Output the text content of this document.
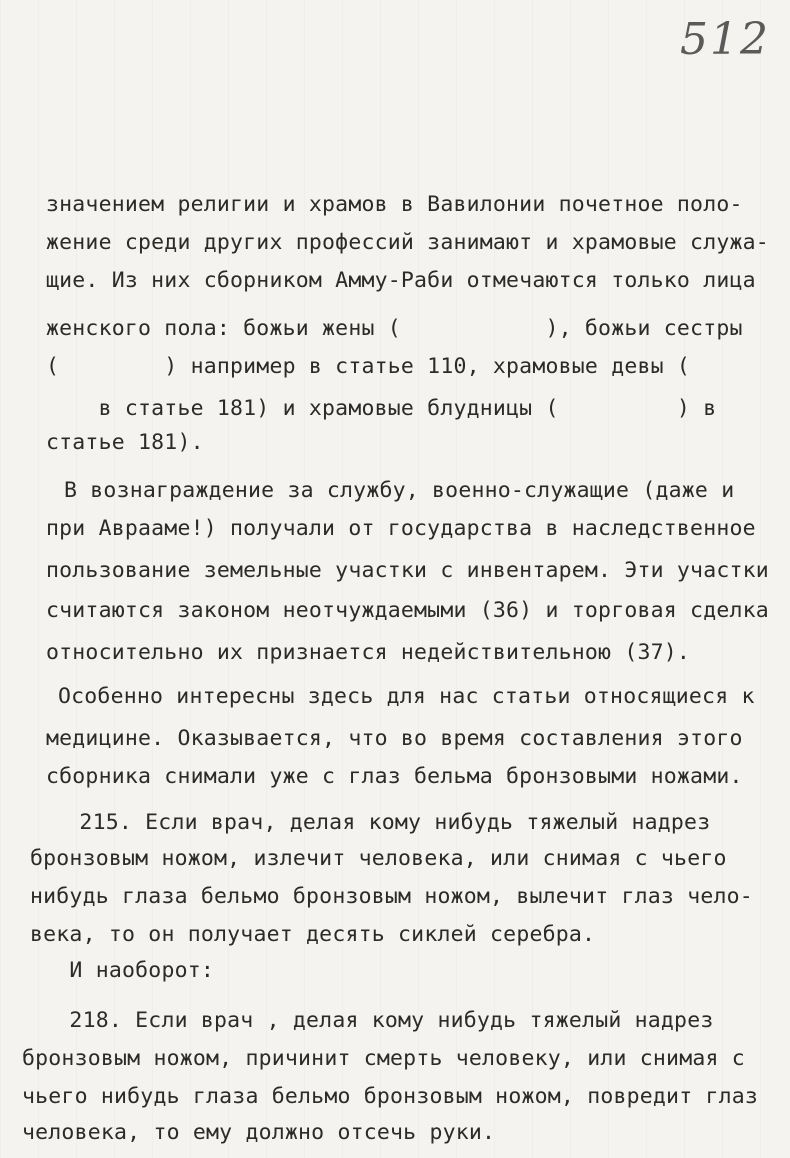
512
значением религии и храмов в Вавилонии почетное поло-
жение среди других профессий занимают и храмовые служа-
щие. Из них сборником Амму-Раби отмечаются только лица
женского пола: божьи жены (           ), божьи сестры
(        ) например в статье 110, храмовые девы (
в статье 181) и храмовые блудницы (         ) в
статье 181).
В вознаграждение за службу, военно-служащие (даже и
при Аврааме!) получали от государства в наследственное
пользование земельные участки с инвентарем. Эти участки
считаются законом неотчуждаемыми (36) и торговая сделка
относительно их признается недействительною (37).
Особенно интересны здесь для нас статьи относящиеся к
медицине. Оказывается, что во время составления этого
сборника снимали уже с глаз бельма бронзовыми ножами.
215. Если врач, делая кому нибудь тяжелый надрез
бронзовым ножом, излечит человека, или снимая с чьего
нибудь глаза бельмо бронзовым ножом, вылечит глаз чело-
века, то он получает десять сиклей серебра.
И наоборот:
218. Если врач , делая кому нибудь тяжелый надрез
бронзовым ножом, причинит смерть человеку, или снимая с
чьего нибудь глаза бельмо бронзовым ножом, повредит глаз
человека, то ему должно отсечь руки.
